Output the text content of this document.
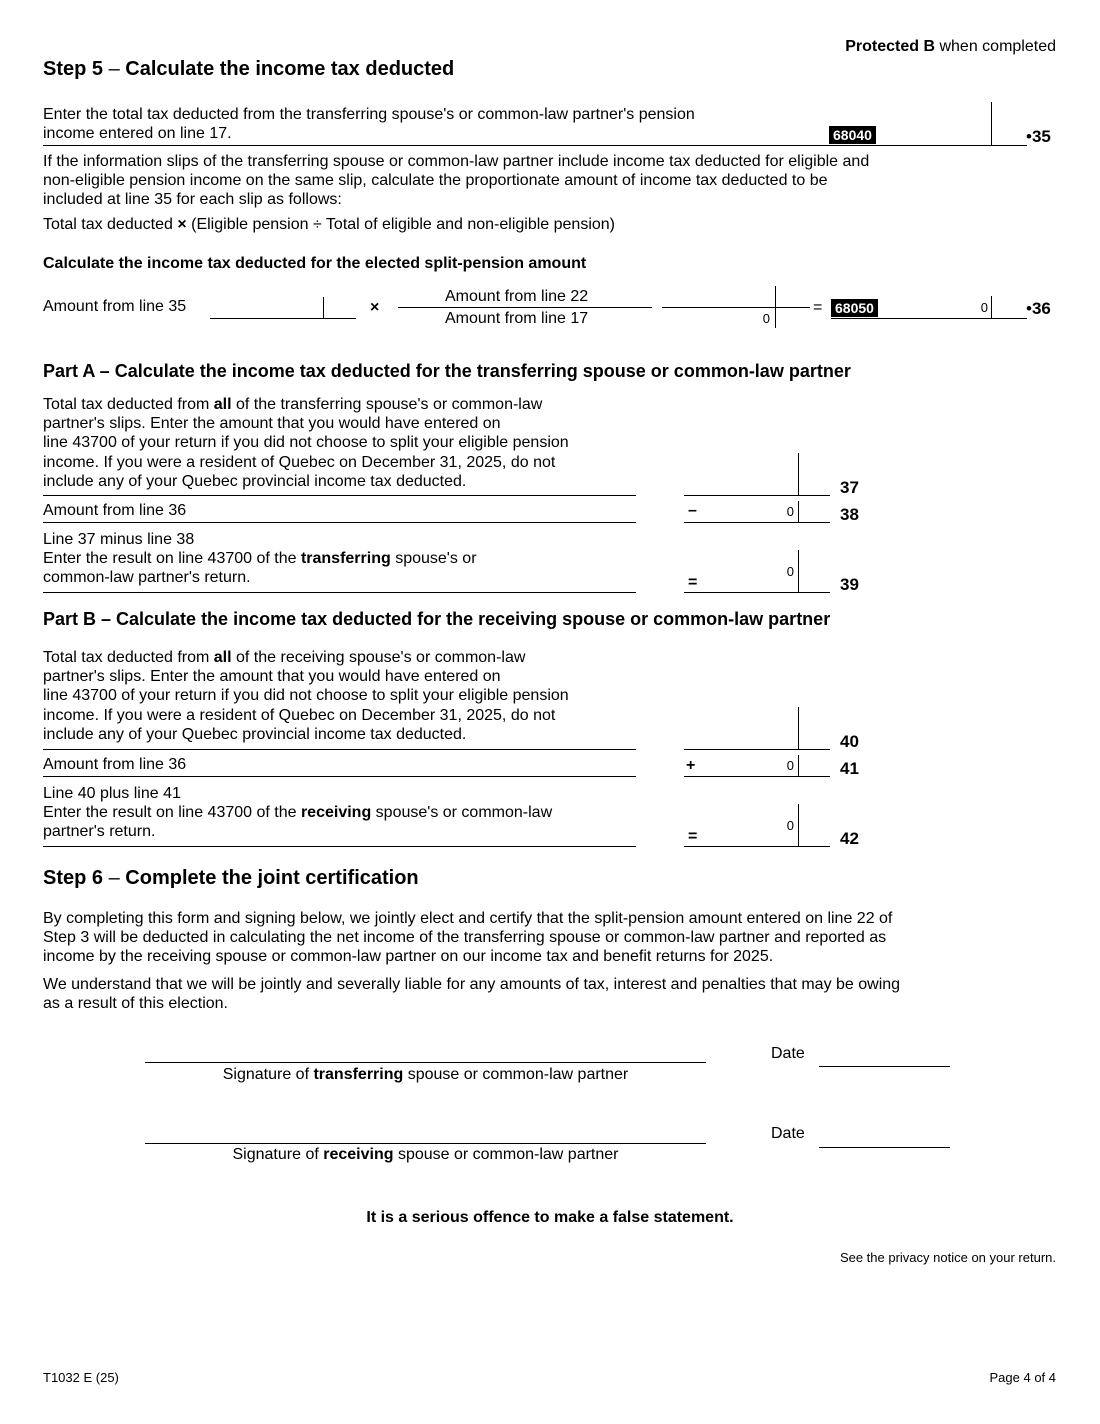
Protected B when completed
Step 5 – Calculate the income tax deducted
Enter the total tax deducted from the transferring spouse's or common-law partner's pension
income entered on line 17.	68040	• 35
If the information slips of the transferring spouse or common-law partner include income tax deducted for eligible and
non-eligible pension income on the same slip, calculate the proportionate amount of income tax deducted to be
included at line 35 for each slip as follows:
Total tax deducted × (Eligible pension ÷ Total of eligible and non-eligible pension)
Calculate the income tax deducted for the elected split-pension amount
Amount from line 35	×
Amount from line 22
Amount from line 17	0
= 68050	0	• 36
Part A – Calculate the income tax deducted for the transferring spouse or common-law partner
Total tax deducted from all of the transferring spouse's or common-law
partner's slips. Enter the amount that you would have entered on
line 43700 of your return if you did not choose to split your eligible pension
income. If you were a resident of Quebec on December 31, 2025, do not
include any of your Quebec provincial income tax deducted.	37
Amount from line 36	–	0	38
Line 37 minus line 38
Enter the result on line 43700 of the transferring spouse's or
common-law partner's return.	=
0
39
Part B – Calculate the income tax deducted for the receiving spouse or common-law partner
Total tax deducted from all of the receiving spouse's or common-law
partner's slips. Enter the amount that you would have entered on
line 43700 of your return if you did not choose to split your eligible pension
income. If you were a resident of Quebec on December 31, 2025, do not
include any of your Quebec provincial income tax deducted.	40
Amount from line 36	+	0	41
Line 40 plus line 41
Enter the result on line 43700 of the receiving spouse's or common-law
partner's return.	=
0
42
Step 6 – Complete the joint certification
By completing this form and signing below, we jointly elect and certify that the split-pension amount entered on line 22 of
Step 3 will be deducted in calculating the net income of the transferring spouse or common-law partner and reported as
income by the receiving spouse or common-law partner on our income tax and benefit returns for 2025.
We understand that we will be jointly and severally liable for any amounts of tax, interest and penalties that may be owing
as a result of this election.
Signature of transferring spouse or common-law partner
Date
Signature of receiving spouse or common-law partner
Date
It is a serious offence to make a false statement.
See the privacy notice on your return.
T1032 E (25)	Page 4 of 4
